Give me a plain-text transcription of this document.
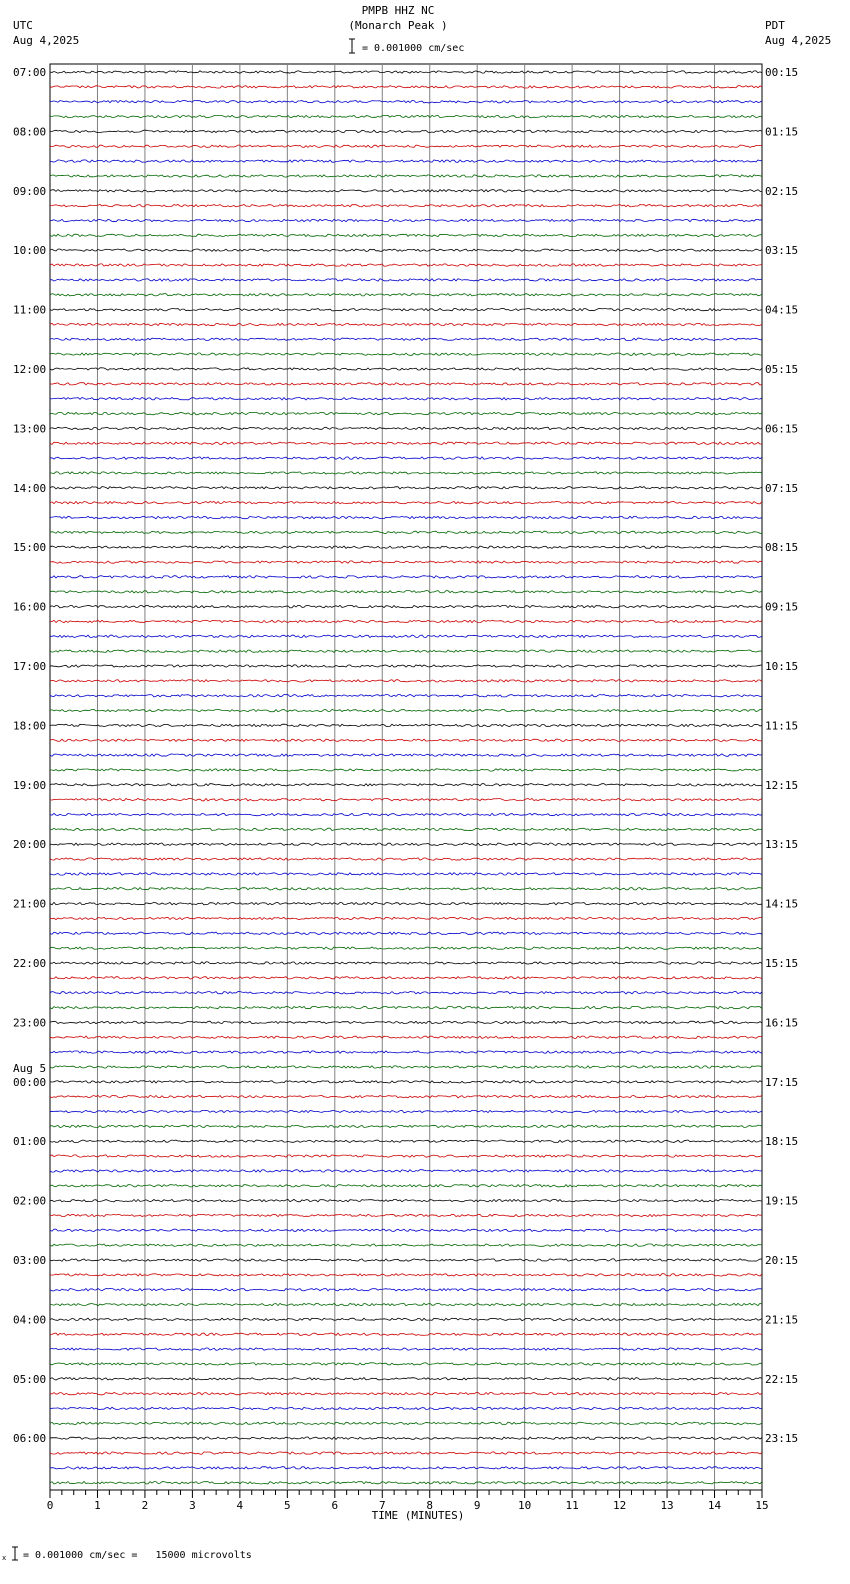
07:00	00:15
08:00	01:15
09:00	02:15
10:00	03:15
11:00	04:15
12:00	05:15
13:00	06:15
14:00	07:15
15:00	08:15
16:00	09:15
17:00	10:15
18:00	11:15
19:00	12:15
20:00	13:15
21:00	14:15
22:00	15:15
23:00	16:15
00:00	17:15
01:00	18:15
02:00	19:15
03:00	20:15
04:00	21:15
05:00	22:15
06:00	23:15
Aug 5
0	1	2	3	4	5	6	7	8	9	10	11	12	13	14	15
PMPB HHZ NC
(Monarch Peak )
UTC
Aug 4,2025
PDT
Aug 4,2025
= 0.001000 cm/sec
TIME (MINUTES)
x = 0.001000 cm/sec =   15000 microvolts
